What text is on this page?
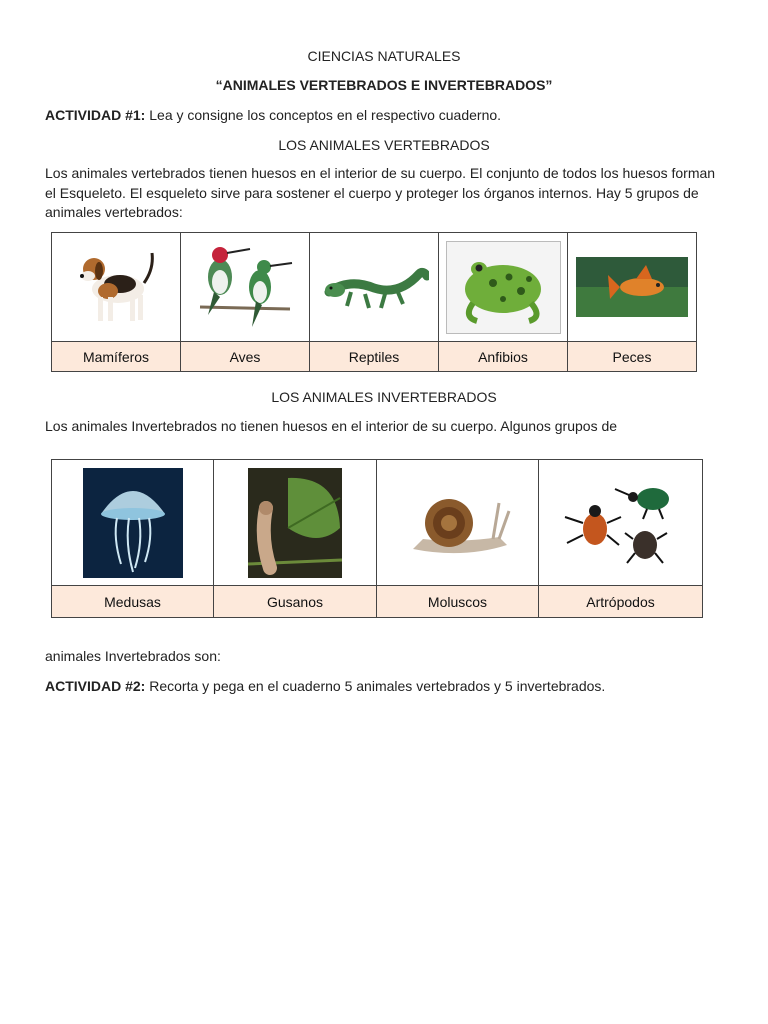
CIENCIAS NATURALES
“ANIMALES VERTEBRADOS E INVERTEBRADOS”
ACTIVIDAD #1: Lea y consigne los conceptos en el respectivo cuaderno.
LOS ANIMALES VERTEBRADOS
Los animales vertebrados tienen huesos en el interior de su cuerpo. El conjunto de todos los huesos forman el Esqueleto. El esqueleto sirve para sostener el cuerpo y proteger los órganos internos. Hay 5 grupos de animales vertebrados:

Mamíferos	Aves	Reptiles	Anfibios	Peces
LOS ANIMALES INVERTEBRADOS
Los animales Invertebrados no tienen huesos en el interior de su cuerpo. Algunos grupos de

Medusas	Gusanos	Moluscos	Artrópodos
animales Invertebrados son:
ACTIVIDAD #2: Recorta y pega en el cuaderno 5 animales vertebrados y 5 invertebrados.
